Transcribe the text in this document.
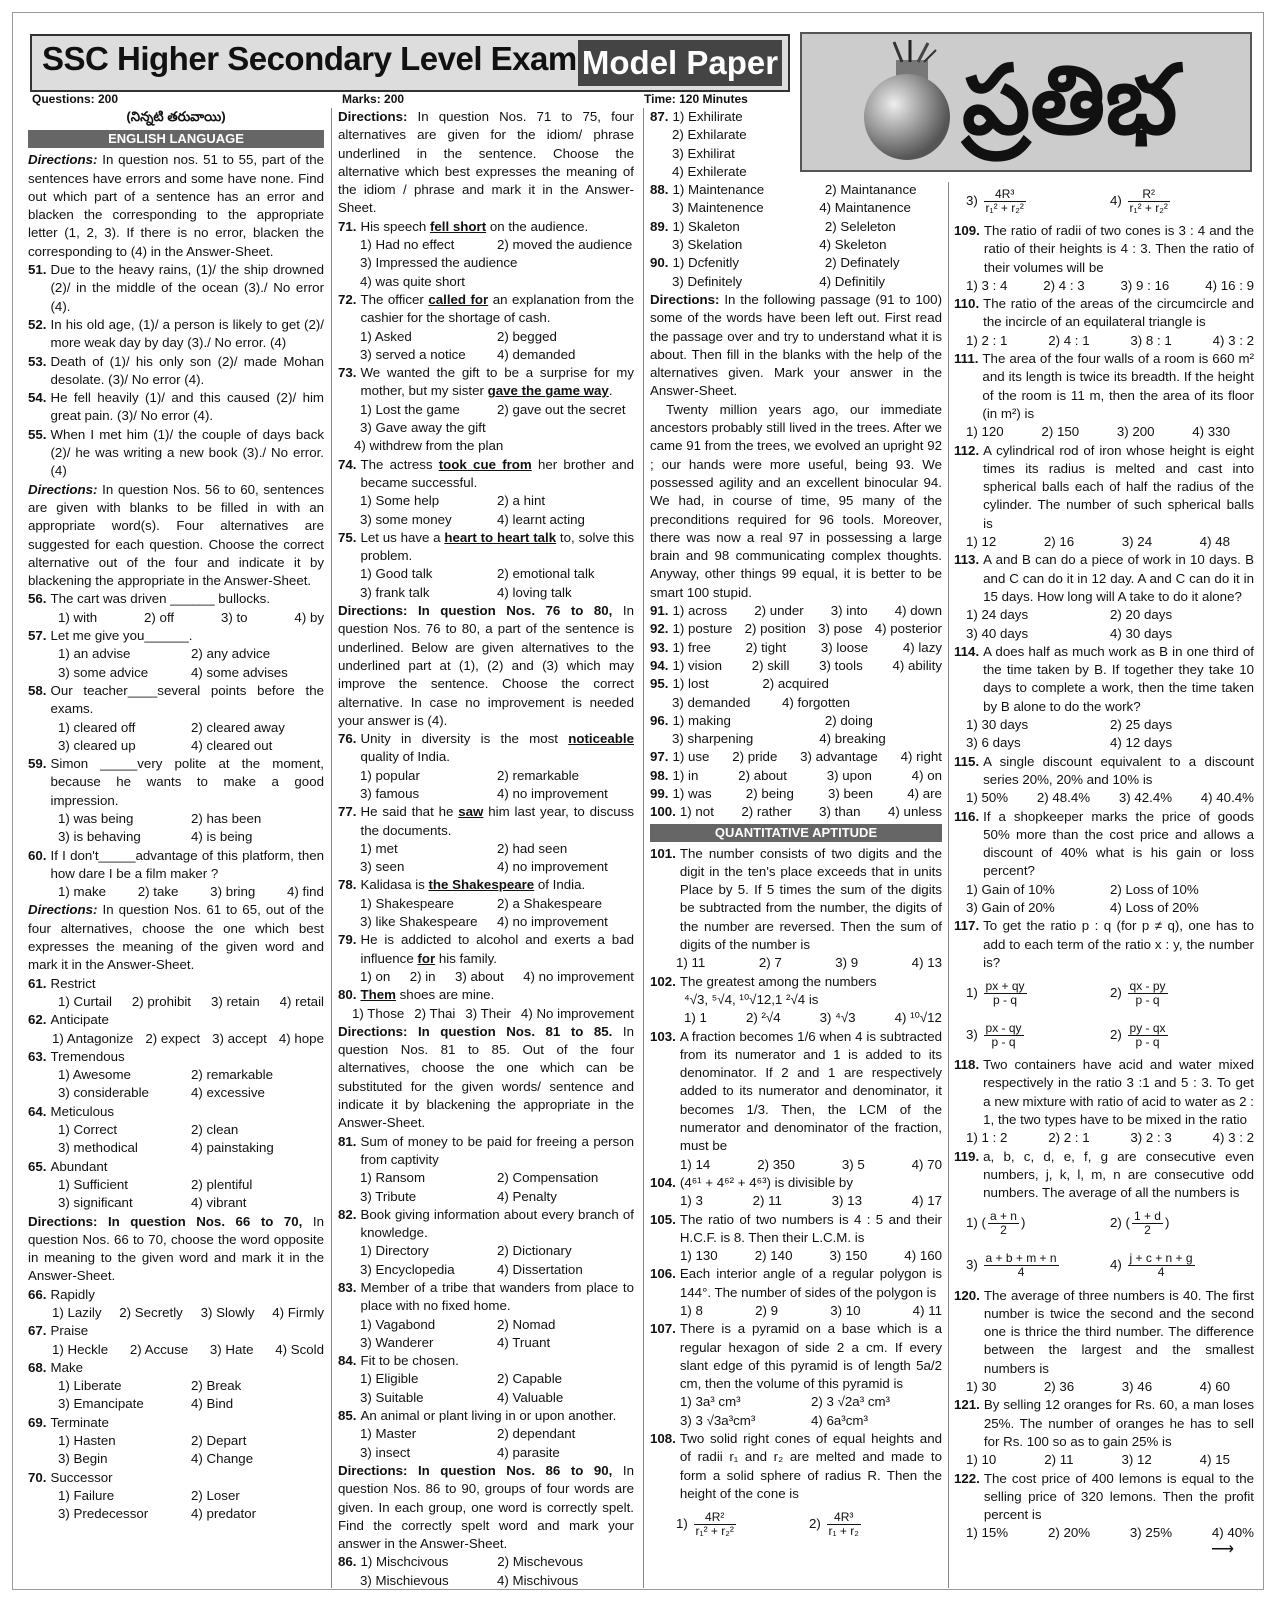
SSC Higher Secondary Level Exam Model Paper ప్రతిభ
Questions: 200	Marks: 200	Time: 120 Minutes

(నిన్నటి తరువాయి)

ENGLISH LANGUAGE

Directions: In question nos. 51 to 55, part of the sentences have errors and some have none. Find out which part of a sentence has an error and blacken the corresponding to the appropriate letter (1, 2, 3). If there is no error, blacken the corresponding to (4) in the Answer-Sheet.

51. Due to the heavy rains, (1)/ the ship drowned (2)/ in the middle of the ocean (3)./ No error (4).
52. In his old age, (1)/ a person is likely to get (2)/ more weak day by day (3)./ No error. (4)
53. Death of (1)/ his only son (2)/ made Mohan desolate. (3)/ No error (4).
54. He fell heavily (1)/ and this caused (2)/ him great pain. (3)/ No error (4).
55. When I met him (1)/ the couple of days back (2)/ he was writing a new book (3)./ No error. (4)

Directions: In question Nos. 56 to 60, sentences are given with blanks to be filled in with an appropriate word(s). Four alternatives are suggested for each question. Choose the correct alternative out of the four and indicate it by blackening the appropriate in the Answer-Sheet.

56. The cart was driven ______ bullocks.
1) with	2) off	3) to	4) by
57. Let me give you______.
1) an advise	2) any advice
3) some advice	4) some advises
58. Our teacher____several points before the exams.
1) cleared off	2) cleared away
3) cleared up	4) cleared out
59. Simon _____very polite at the moment, because he wants to make a good impression.
1) was being	2) has been
3) is behaving	4) is being
60. If I don't_____advantage of this platform, then how dare I be a film maker ?
1) make 2) take 3) bring 4) find

Directions: In question Nos. 61 to 65, out of the four alternatives, choose the one which best expresses the meaning of the given word and mark it in the Answer-Sheet.

61. Restrict
1) Curtail 2) prohibit 3) retain 4) retail
62. Anticipate
1) Antagonize 2) expect 3) accept 4) hope
63. Tremendous
1) Awesome	2) remarkable
3) considerable	4) excessive
64. Meticulous
1) Correct	2) clean
3) methodical	4) painstaking
65. Abundant
1) Sufficient	2) plentiful
3) significant	4) vibrant

Directions: In question Nos. 66 to 70, In question Nos. 66 to 70, choose the word opposite in meaning to the given word and mark it in the Answer-Sheet.

66. Rapidly
1) Lazily 2) Secretly 3) Slowly 4) Firmly
67. Praise
1) Heckle 2) Accuse 3) Hate 4) Scold
68. Make
1) Liberate	2) Break
3) Emancipate	4) Bind
69. Terminate
1) Hasten	2) Depart
3) Begin	4) Change
70. Successor
1) Failure	2) Loser
3) Predecessor	4) predator

Directions: In question Nos. 71 to 75, four alternatives are given for the idiom/ phrase underlined in the sentence. Choose the alternative which best expresses the meaning of the idiom / phrase and mark it in the Answer-Sheet.

71. His speech fell short on the audience.
1) Had no effect	2) moved the audience
3) Impressed the audience
4) was quite short
72. The officer called for an explanation from the cashier for the shortage of cash.
1) Asked	2) begged
3) served a notice	4) demanded
73. We wanted the gift to be a surprise for my mother, but my sister gave the game way.
1) Lost the game	2) gave out the secret
3) Gave away the gift
4) withdrew from the plan
74. The actress took cue from her brother and became successful.
1) Some help	2) a hint
3) some money	4) learnt acting
75. Let us have a heart to heart talk to, solve this problem.
1) Good talk	2) emotional talk
3) frank talk	4) loving talk

Directions: In question Nos. 76 to 80, In question Nos. 76 to 80, a part of the sentence is underlined. Below are given alternatives to the underlined part at (1), (2) and (3) which may improve the sentence. Choose the correct alternative. In case no improvement is needed your answer is (4).

76. Unity in diversity is the most noticeable quality of India.
1) popular	2) remarkable
3) famous	4) no improvement
77. He said that he saw him last year, to discuss the documents.
1) met	2) had seen
3) seen	4) no improvement
78. Kalidasa is the Shakespeare of India.
1) Shakespeare	2) a Shakespeare
3) like Shakespeare	4) no improvement
79. He is addicted to alcohol and exerts a bad influence for his family.
1) on 2) in 3) about 4) no improvement
80. Them shoes are mine.
1) Those 2) Thai 3) Their 4) No improvement

Directions: In question Nos. 81 to 85. In question Nos. 81 to 85. Out of the four alternatives, choose the one which can be substituted for the given words/ sentence and indicate it by blackening the appropriate in the Answer-Sheet.

81. Sum of money to be paid for freeing a person from captivity
1) Ransom	2) Compensation
3) Tribute	4) Penalty
82. Book giving information about every branch of knowledge.
1) Directory	2) Dictionary
3) Encyclopedia	4) Dissertation
83. Member of a tribe that wanders from place to place with no fixed home.
1) Vagabond	2) Nomad
3) Wanderer	4) Truant
84. Fit to be chosen.
1) Eligible	2) Capable
3) Suitable	4) Valuable
85. An animal or plant living in or upon another.
1) Master	2) dependant
3) insect	4) parasite

Directions: In question Nos. 86 to 90, In question Nos. 86 to 90, groups of four words are given. In each group, one word is correctly spelt. Find the correctly spelt word and mark your answer in the Answer-Sheet.

86. 1) Mischcivous	2) Mischevous
3) Mischievous	4) Mischivous
87. 1) Exhilirate
2) Exhilarate
3) Exhilirat
4) Exhilerate
88. 1) Maintenance	2) Maintanance
3) Maintenence	4) Maintanence
89. 1) Skaleton	2) Seleleton
3) Skelation	4) Skeleton
90. 1) Dcfenitly	2) Definately
3) Definitely	4) Definitily

Directions: In the following passage (91 to 100) some of the words have been left out. First read the passage over and try to understand what it is about. Then fill in the blanks with the help of the alternatives given. Mark your answer in the Answer-Sheet.

Twenty million years ago, our immediate ancestors probably still lived in the trees. After we came 91 from the trees, we evolved an upright 92 ; our hands were more useful, being 93. We possessed agility and an excellent binocular 94. We had, in course of time, 95 many of the preconditions required for 96 tools. Moreover, there was now a real 97 in possessing a large brain and 98 communicating complex thoughts. Anyway, other things 99 equal, it is better to be smart 100 stupid.

91. 1) across 2) under 3) into 4) down
92. 1) posture 2) position 3) pose 4) posterior
93. 1) free	2) tight	3) loose	4) lazy
94. 1) vision 2) skill 3) tools 4) ability
95. 1) lost	2) acquired
3) demanded	4) forgotten
96. 1) making	2) doing
3) sharpening	4) breaking
97. 1) use 2) pride 3) advantage 4) right
98. 1) in	2) about	3) upon	4) on
99. 1) was	2) being	3) been	4) are
100. 1) not 2) rather 3) than 4) unless
QUANTITATIVE APTITUDE
101. The number consists of two digits and the digit in the ten's place exceeds that in units Place by 5. If 5 times the sum of the digits be subtracted from the number, the digits of the number are reversed. Then the sum of digits of the number is
1) 11	2) 7	3) 9	4) 13
102. The greatest among the numbers
⁴√3, ⁵√4, ¹⁰√12,1 ²√4 is
1) 1	2) ²√4	3) ⁴√3	4) ¹⁰√12
103. A fraction becomes 1/6 when 4 is subtracted from its numerator and 1 is added to its denominator. If 2 and 1 are respectively added to its numerator and denominator, it becomes 1/3. Then, the LCM of the numerator and denominator of the fraction, must be
1) 14	2) 350	3) 5	4) 70
104. (4⁶¹ + 4⁶² + 4⁶³) is divisible by
1) 3	2) 11	3) 13	4) 17
105. The ratio of two numbers is 4 : 5 and their H.C.F. is 8. Then their L.C.M. is
1) 130	2) 140	3) 150	4) 160
106. Each interior angle of a regular polygon is 144°. The number of sides of the polygon is
1) 8	2) 9	3) 10	4) 11
107. There is a pyramid on a base which is a regular hexagon of side 2 a cm. If every slant edge of this pyramid is of length 5a/2 cm, then the volume of this pyramid is
1) 3a³ cm³	2) 3 √2a³ cm³
3) 3 √3a³cm³	4) 6a³cm³
108. Two solid right cones of equal heights and of radii r₁ and r₂ are melted and made to form a solid sphere of radius R. Then the height of the cone is
$1) \frac{\text{4R²}}{\text{r₁² + r₂²}}$	$2) \frac{\text{4R³}}{\text{r₁ + r₂}}$
$3) \frac{\text{4R³}}{\text{r₁² + r₂²}}$	$4) \frac{\text{R²}}{\text{r₁² + r₂²}}$
109. The ratio of radii of two cones is 3 : 4 and the ratio of their heights is 4 : 3. Then the ratio of their volumes will be
1) 3 : 4	2) 4 : 3	3) 9 : 16	4) 16 : 9
110. The ratio of the areas of the circumcircle and the incircle of an equilateral triangle is
1) 2 : 1	2) 4 : 1	3) 8 : 1	4) 3 : 2
111. The area of the four walls of a room is 660 m² and its length is twice its breadth. If the height of the room is 11 m, then the area of its floor (in m²) is
1) 120	2) 150	3) 200	4) 330
112. A cylindrical rod of iron whose height is eight times its radius is melted and cast into spherical balls each of half the radius of the cylinder. The number of such spherical balls is
1) 12	2) 16	3) 24	4) 48
113. A and B can do a piece of work in 10 days. B and C can do it in 12 day. A and C can do it in 15 days. How long will A take to do it alone?
1) 24 days	2) 20 days
3) 40 days	4) 30 days
114. A does half as much work as B in one third of the time taken by B. If together they take 10 days to complete a work, then the time taken by B alone to do the work?
1) 30 days	2) 25 days
3) 6 days	4) 12 days
115. A single discount equivalent to a discount series 20%, 20% and 10% is
1) 50% 2) 48.4% 3) 42.4% 4) 40.4%
116. If a shopkeeper marks the price of goods 50% more than the cost price and allows a discount of 40% what is his gain or loss percent?
1) Gain of 10%	2) Loss of 10%
3) Gain of 20%	4) Loss of 20%
117. To get the ratio p : q (for p ≠ q), one has to add to each term of the ratio x : y, the number is?
$1) \frac{px + qy}{p - q}$	$2) \frac{qx - py}{p - q}$
$3) \frac{px - qy}{p - q}$	$2) \frac{py - qx}{p - q}$
118. Two containers have acid and water mixed respectively in the ratio 3 :1 and 5 : 3. To get a new mixture with ratio of acid to water as 2 : 1, the two types have to be mixed in the ratio
1) 1 : 2	2) 2 : 1	3) 2 : 3	4) 3 : 2
119. a, b, c, d, e, f, g are consecutive even numbers, j, k, l, m, n are consecutive odd numbers. The average of all the numbers is
1) ( $\frac{a + n}{2}$ )	2) ( $\frac{1 + d}{2}$ )
$3) \frac{a + b + m + n}{4}$	$4) \frac{j + c + n + g}{4}$
120. The average of three numbers is 40. The first number is twice the second and the second one is thrice the third number. The difference between the largest and the smallest numbers is
1) 30	2) 36	3) 46	4) 60
121. By selling 12 oranges for Rs. 60, a man loses 25%. The number of oranges he has to sell for Rs. 100 so as to gain 25% is
1) 10	2) 11	3) 12	4) 15
122. The cost price of 400 lemons is equal to the selling price of 320 lemons. Then the profit percent is
1) 15%	2) 20%	3) 25%	4) 40%
⟶
